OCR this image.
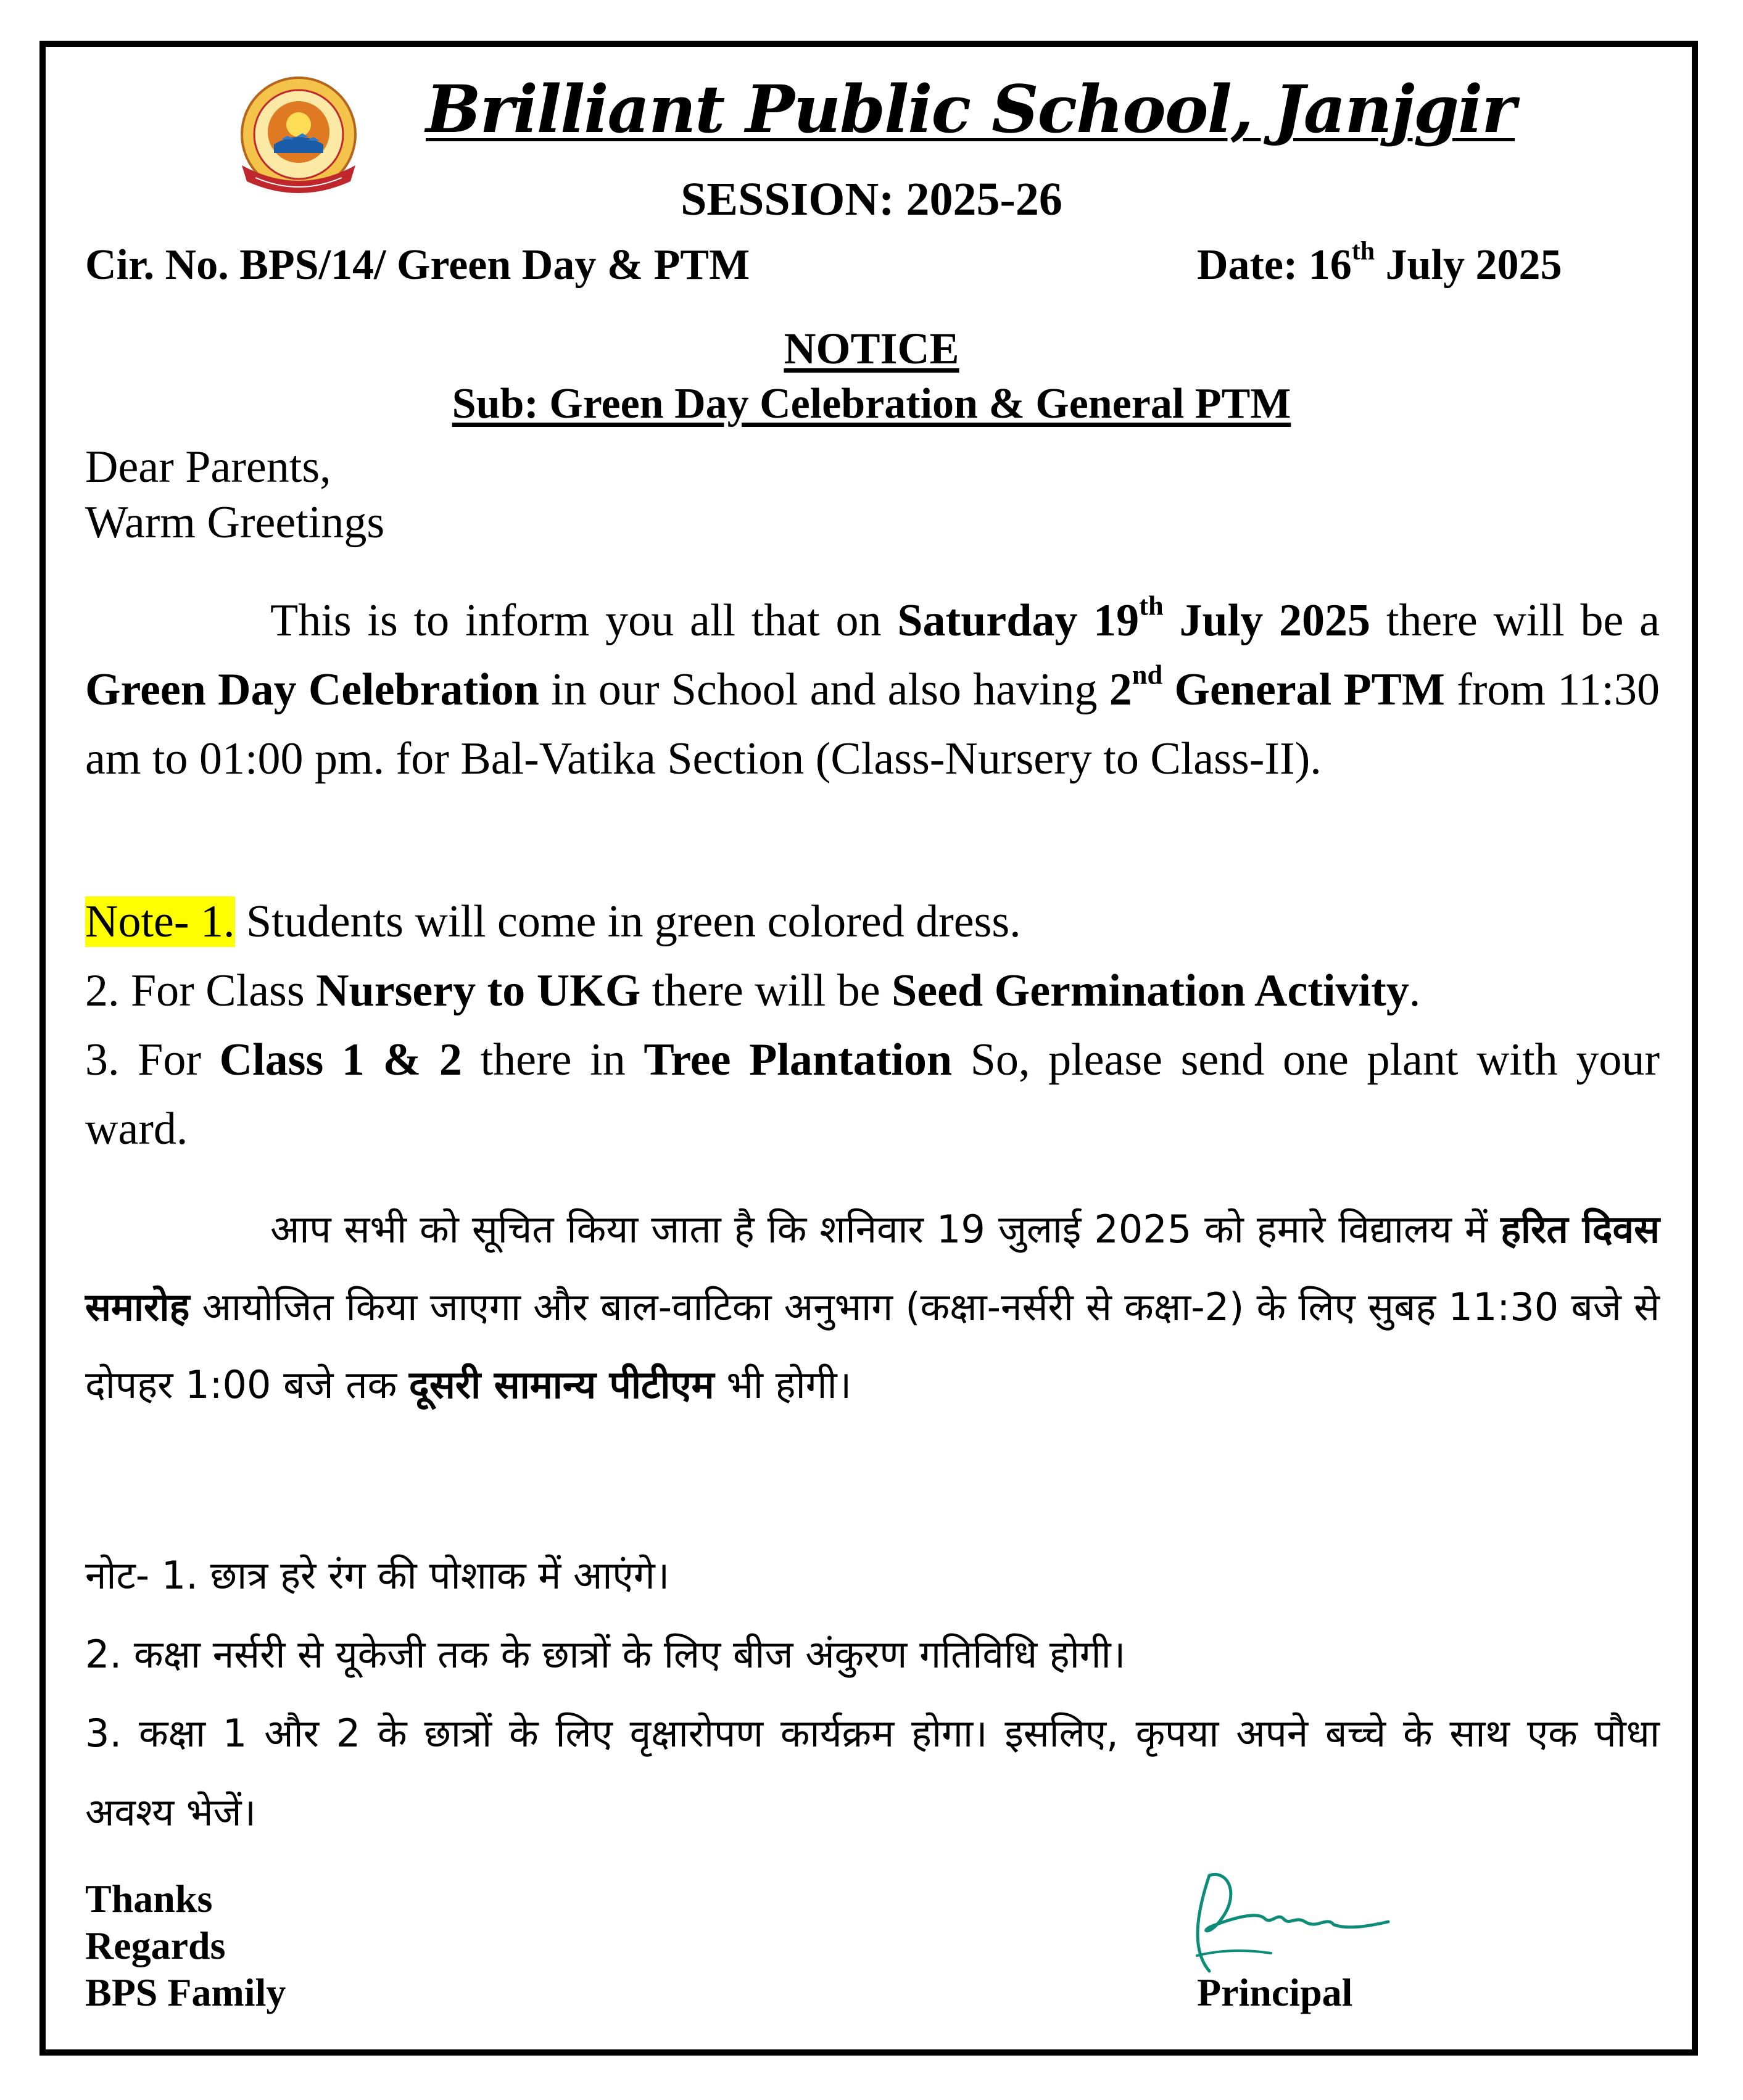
Brilliant Public School, Janjgir
SESSION: 2025-26
Cir. No. BPS/14/ Green Day & PTM	Date: 16th July 2025
NOTICE
Sub: Green Day Celebration & General PTM
Dear Parents,
Warm Greetings

This is to inform you all that on Saturday 19th July 2025 there will be a Green Day Celebration in our School and also having 2nd General PTM from 11:30 am to 01:00 pm. for Bal-Vatika Section (Class-Nursery to Class-II).

Note- 1. Students will come in green colored dress.

2. For Class Nursery to UKG there will be Seed Germination Activity.

3. For Class 1 & 2 there in Tree Plantation So, please send one plant with your ward.

आप सभी को सूचित किया जाता है कि शनिवार 19 जुलाई 2025 को हमारे विद्यालय में हरित दिवस समारोह आयोजित किया जाएगा और बाल-वाटिका अनुभाग (कक्षा-नर्सरी से कक्षा-2) के लिए सुबह 11:30 बजे से दोपहर 1:00 बजे तक दूसरी सामान्य पीटीएम भी होगी।

नोट- 1. छात्र हरे रंग की पोशाक में आएंगे।

2. कक्षा नर्सरी से यूकेजी तक के छात्रों के लिए बीज अंकुरण गतिविधि होगी।

3. कक्षा 1 और 2 के छात्रों के लिए वृक्षारोपण कार्यक्रम होगा। इसलिए, कृपया अपने बच्चे के साथ एक पौधा अवश्य भेजें।

Thanks
Regards
BPS Family	Principal
